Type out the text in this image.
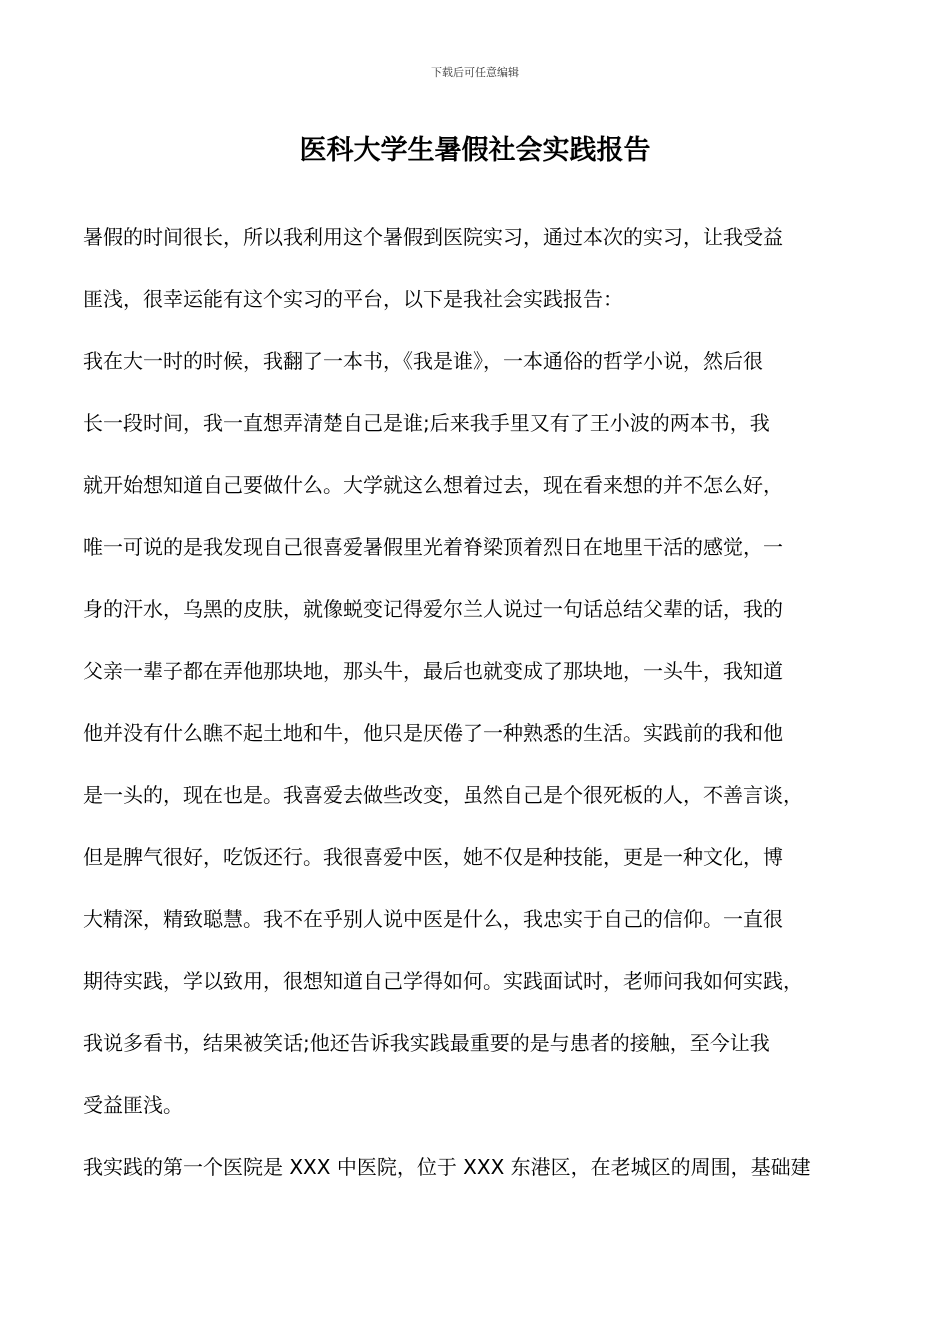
下载后可任意编辑
医科大学生暑假社会实践报告

暑假的时间很长，所以我利用这个暑假到医院实习，通过本次的实习，让我受益
匪浅，很幸运能有这个实习的平台，以下是我社会实践报告：

我在大一时的时候，我翻了一本书，《我是谁》，一本通俗的哲学小说，然后很
长一段时间，我一直想弄清楚自己是谁;后来我手里又有了王小波的两本书，我
就开始想知道自己要做什么。大学就这么想着过去，现在看来想的并不怎么好，
唯一可说的是我发现自己很喜爱暑假里光着脊梁顶着烈日在地里干活的感觉，一
身的汗水，乌黑的皮肤，就像蜕变记得爱尔兰人说过一句话总结父辈的话，我的
父亲一辈子都在弄他那块地，那头牛，最后也就变成了那块地，一头牛，我知道
他并没有什么瞧不起土地和牛，他只是厌倦了一种熟悉的生活。实践前的我和他
是一头的，现在也是。我喜爱去做些改变，虽然自己是个很死板的人，不善言谈，
但是脾气很好，吃饭还行。我很喜爱中医，她不仅是种技能，更是一种文化，博
大精深，精致聪慧。我不在乎别人说中医是什么，我忠实于自己的信仰。一直很
期待实践，学以致用，很想知道自己学得如何。实践面试时，老师问我如何实践，
我说多看书，结果被笑话;他还告诉我实践最重要的是与患者的接触，至今让我
受益匪浅。

我实践的第一个医院是 XXX 中医院，位于 XXX 东港区，在老城区的周围，基础建
